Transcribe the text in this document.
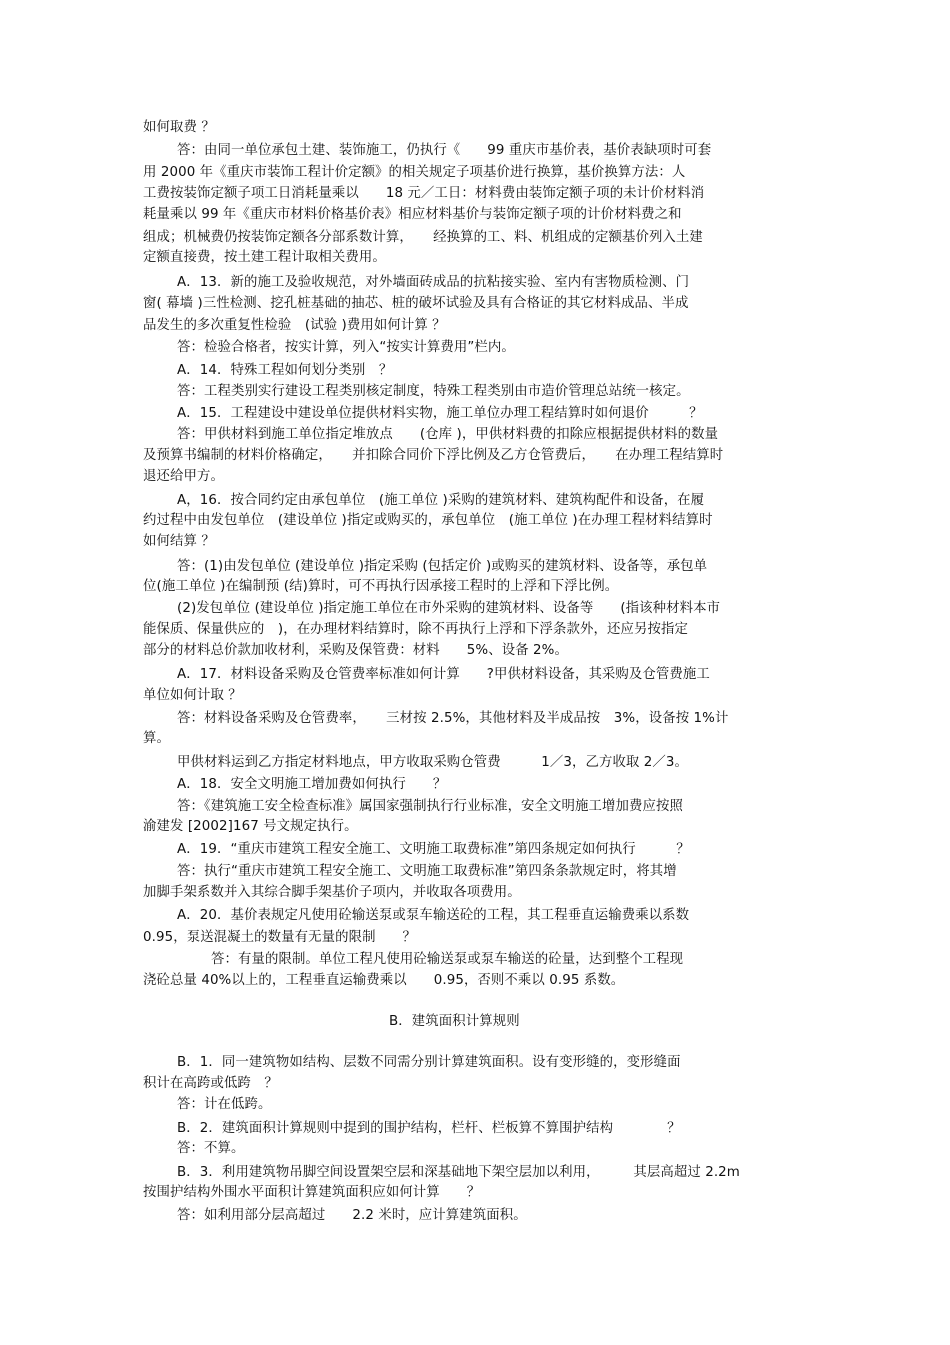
如何取费 ？
答：由同一单位承包土建、装饰施工，仍执行《　　99 重庆市基价表，基价表缺项时可套
用 2000 年《重庆市装饰工程计价定额》的相关规定子项基价进行换算，基价换算方法：人
工费按装饰定额子项工日消耗量乘以　　18 元／工日：材料费由装饰定额子项的未计价材料消
耗量乘以 99 年《重庆市材料价格基价表》相应材料基价与装饰定额子项的计价材料费之和
组成；机械费仍按装饰定额各分部系数计算，　　经换算的工、料、机组成的定额基价列入土建
定额直接费，按土建工程计取相关费用。
A．13．新的施工及验收规范，对外墙面砖成品的抗粘接实验、室内有害物质检测、门
窗( 幕墙 )三性检测、挖孔桩基础的抽芯、桩的破坏试验及具有合格证的其它材料成品、半成
品发生的多次重复性检验　(试验 )费用如何计算 ？
答：检验合格者，按实计算，列入“按实计算费用”栏内。
A．14．特殊工程如何划分类别　？
答：工程类别实行建设工程类别核定制度，特殊工程类别由市造价管理总站统一核定。
A．15．工程建设中建设单位提供材料实物，施工单位办理工程结算时如何退价　　　？
答：甲供材料到施工单位指定堆放点　　(仓库 )，甲供材料费的扣除应根据提供材料的数量
及预算书编制的材料价格确定，　　并扣除合同价下浮比例及乙方仓管费后，　　在办理工程结算时
退还给甲方。
A，16．按合同约定由承包单位　(施工单位 )采购的建筑材料、建筑构配件和设备，在履
约过程中由发包单位　(建设单位 )指定或购买的，承包单位　(施工单位 )在办理工程材料结算时
如何结算 ？
答：(1)由发包单位 (建设单位 )指定采购 (包括定价 )或购买的建筑材料、设备等，承包单
位(施工单位 )在编制预 (结)算时，可不再执行因承接工程时的上浮和下浮比例。
(2)发包单位 (建设单位 )指定施工单位在市外采购的建筑材料、设备等　　(指该种材料本市
能保质、保量供应的　)，在办理材料结算时，除不再执行上浮和下浮条款外，还应另按指定
部分的材料总价款加收材利，采购及保管费：材料　　5%、设备 2%。
A．17．材料设备采购及仓管费率标准如何计算　　?甲供材料设备，其采购及仓管费施工
单位如何计取 ？
答：材料设备采购及仓管费率，　　三材按 2.5%，其他材料及半成品按　3%，设备按 1%计
算。
甲供材料运到乙方指定材料地点，甲方收取采购仓管费　　　1／3，乙方收取 2／3。
A．18．安全文明施工增加费如何执行　　？
答：《建筑施工安全检查标准》属国家强制执行行业标准，安全文明施工增加费应按照
渝建发 [2002]167 号文规定执行。
A．19．“重庆市建筑工程安全施工、文明施工取费标准”第四条规定如何执行　　　？
答：执行“重庆市建筑工程安全施工、文明施工取费标准”第四条条款规定时，将其增
加脚手架系数并入其综合脚手架基价子项内，并收取各项费用。
A．20．基价表规定凡使用砼输送泵或泵车输送砼的工程，其工程垂直运输费乘以系数
0.95，泵送混凝土的数量有无量的限制　　？
答：有量的限制。单位工程凡使用砼输送泵或泵车输送的砼量，达到整个工程现
浇砼总量 40%以上的，工程垂直运输费乘以　　0.95，否则不乘以 0.95 系数。
B．建筑面积计算规则
B．1．同一建筑物如结构、层数不同需分别计算建筑面积。设有变形缝的，变形缝面
积计在高跨或低跨　？
答：计在低跨。
B．2．建筑面积计算规则中提到的围护结构，栏杆、栏板算不算围护结构　　　　？
答：不算。
B．3．利用建筑物吊脚空间设置架空层和深基础地下架空层加以利用，　　　其层高超过 2.2m
按围护结构外围水平面积计算建筑面积应如何计算　　？
答：如利用部分层高超过　　2.2 米时，应计算建筑面积。
